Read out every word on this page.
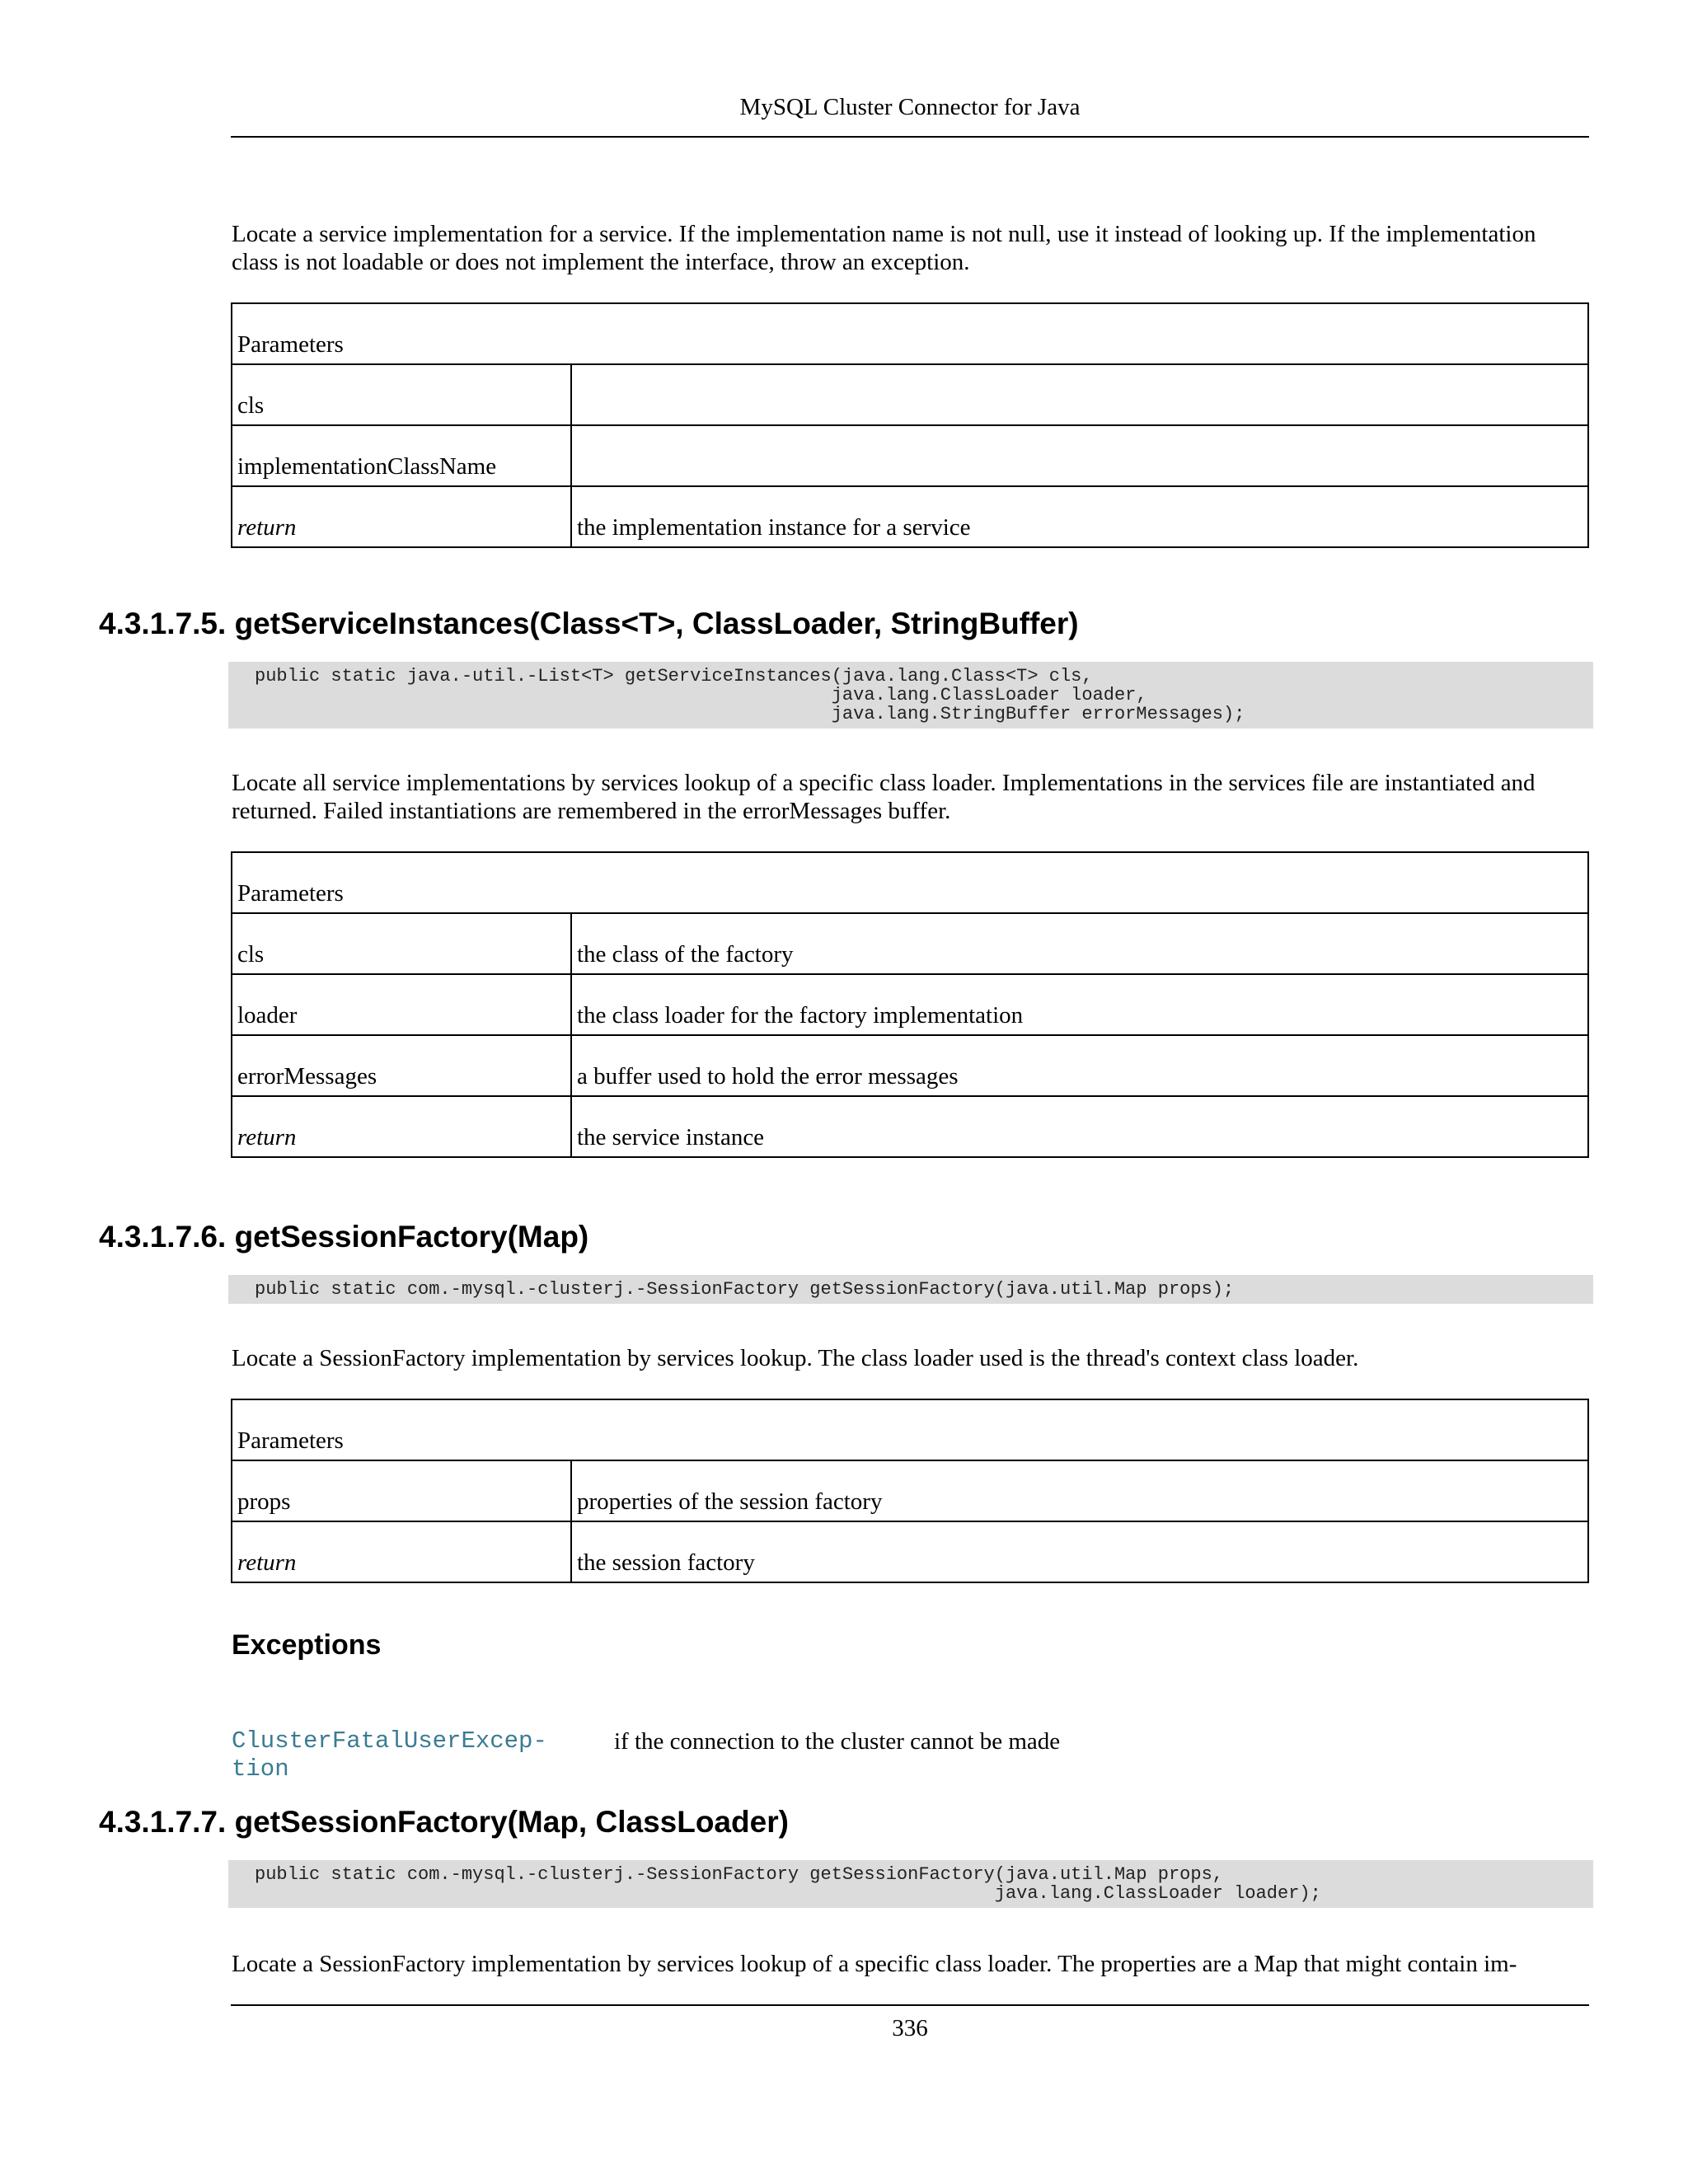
MySQL Cluster Connector for Java
Locate a service implementation for a service. If the implementation name is not null, use it instead of looking up. If the implementation class is not loadable or does not implement the interface, throw an exception.
Parameters	
cls	
implementationClassName	
return	the implementation instance for a service
4.3.1.7.5. getServiceInstances(Class<T>, ClassLoader, StringBuffer)
public static java.-util.-List<T> getServiceInstances(java.lang.Class<T> cls,
java.lang.ClassLoader loader,
java.lang.StringBuffer errorMessages);
Locate all service implementations by services lookup of a specific class loader. Implementations in the services file are instantiated and returned. Failed instantiations are remembered in the errorMessages buffer.
Parameters	
cls	the class of the factory
loader	the class loader for the factory implementation
errorMessages	a buffer used to hold the error messages
return	the service instance
4.3.1.7.6. getSessionFactory(Map)
public static com.-mysql.-clusterj.-SessionFactory getSessionFactory(java.util.Map props);
Locate a SessionFactory implementation by services lookup. The class loader used is the thread's context class loader.
Parameters	
props	properties of the session factory
return	the session factory
Exceptions
ClusterFatalUserExcep-
tion
if the connection to the cluster cannot be made
4.3.1.7.7. getSessionFactory(Map, ClassLoader)
public static com.-mysql.-clusterj.-SessionFactory getSessionFactory(java.util.Map props,
java.lang.ClassLoader loader);
Locate a SessionFactory implementation by services lookup of a specific class loader. The properties are a Map that might contain im-
336
